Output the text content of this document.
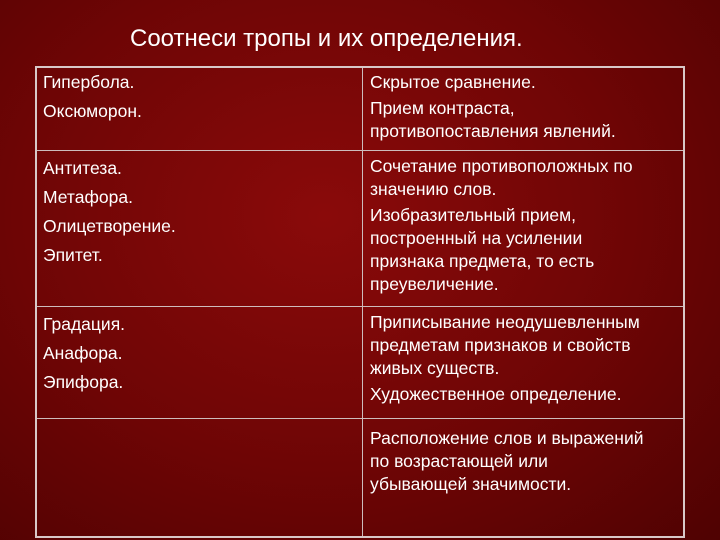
Соотнеси тропы и их определения.
Гипербола.
Оксюморон.
Скрытое сравнение.
Прием контраста,
противопоставления явлений.
Антитеза.
Метафора.
Олицетворение.
Эпитет.
Сочетание противоположных по
значению слов.
Изобразительный прием,
построенный на усилении
признака предмета, то есть
преувеличение.
Градация.
Анафора.
Эпифора.
Приписывание неодушевленным
предметам признаков и свойств
живых существ.
Художественное определение.
Расположение слов и выражений
по возрастающей или
убывающей значимости.
